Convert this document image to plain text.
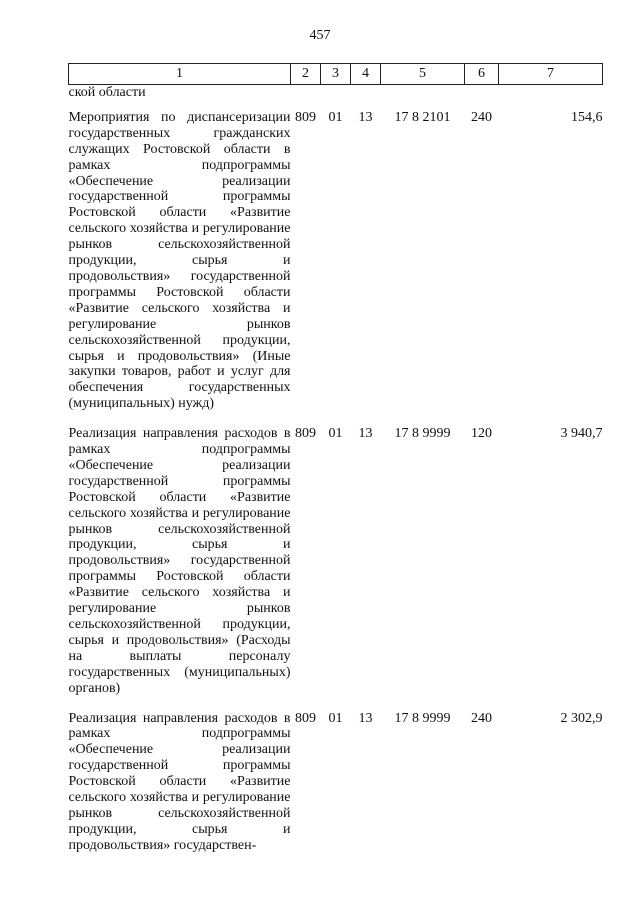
457
1	2	3	4	5	6	7
ской области						
Мероприятия по диспансеризации государственных гражданских служащих Ростовской области в рамках подпрограммы «Обеспечение реализации государственной программы Ростовской области «Развитие сельского хозяйства и регулирование рынков сельскохозяйственной продукции, сырья и продовольствия» государственной программы Ростовской области «Развитие сельского хозяйства и регулирование рынков сельскохозяйственной продукции, сырья и продовольствия» (Иные закупки товаров, работ и услуг для обеспечения государственных (муниципальных) нужд)	809	01	13	17 8 2101	240	154,6
Реализация направления расходов в рамках подпрограммы «Обеспечение реализации государственной программы Ростовской области «Развитие сельского хозяйства и регулирование рынков сельскохозяйственной продукции, сырья и продовольствия» государственной программы Ростовской области «Развитие сельского хозяйства и регулирование рынков сельскохозяйственной продукции, сырья и продовольствия» (Расходы на выплаты персоналу государственных (муниципальных) органов)	809	01	13	17 8 9999	120	3 940,7
Реализация направления расходов в рамках подпрограммы «Обеспечение реализации государственной программы Ростовской области «Развитие сельского хозяйства и регулирование рынков сельскохозяйственной продукции, сырья и продовольствия» государствен-	809	01	13	17 8 9999	240	2 302,9
